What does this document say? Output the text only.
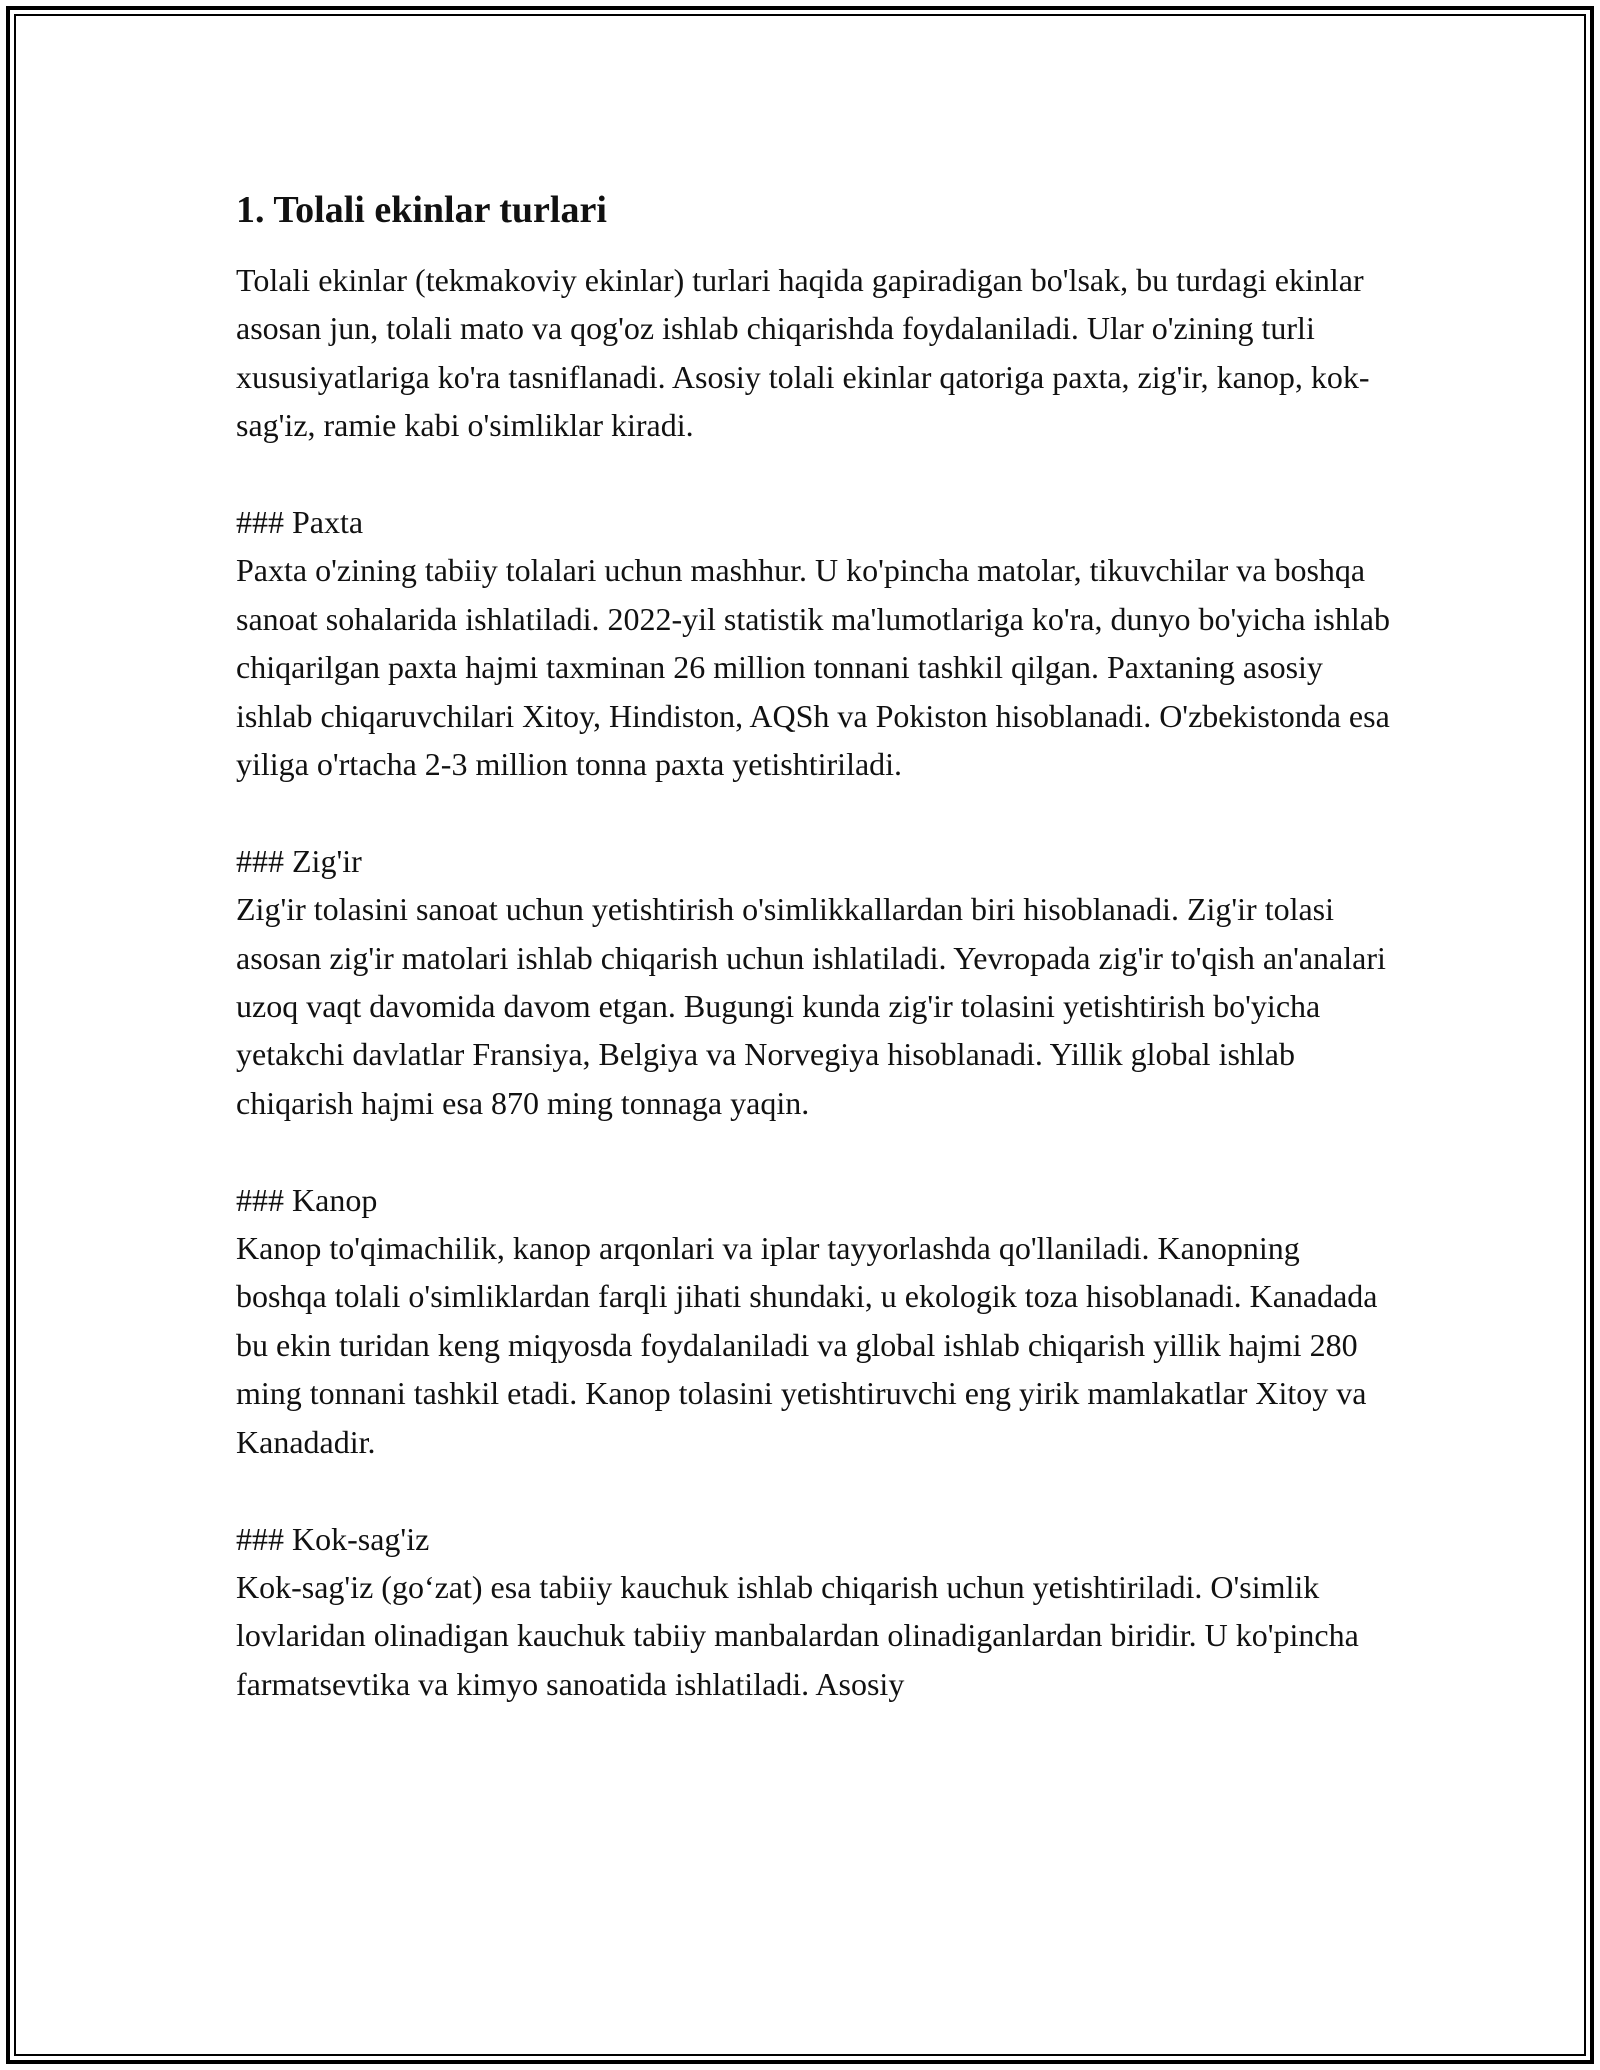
1. Tolali ekinlar turlari

Tolali ekinlar (tekmakoviy ekinlar) turlari haqida gapiradigan bo'lsak, bu turdagi ekinlar asosan jun, tolali mato va qog'oz ishlab chiqarishda foydalaniladi. Ular o'zining turli xususiyatlariga ko'ra tasniflanadi. Asosiy tolali ekinlar qatoriga paxta, zig'ir, kanop, kok-sag'iz, ramie kabi o'simliklar kiradi.

### Paxta

Paxta o'zining tabiiy tolalari uchun mashhur. U ko'pincha matolar, tikuvchilar va boshqa sanoat sohalarida ishlatiladi. 2022-yil statistik ma'lumotlariga ko'ra, dunyo bo'yicha ishlab chiqarilgan paxta hajmi taxminan 26 million tonnani tashkil qilgan. Paxtaning asosiy ishlab chiqaruvchilari Xitoy, Hindiston, AQSh va Pokiston hisoblanadi. O'zbekistonda esa yiliga o'rtacha 2-3 million tonna paxta yetishtiriladi.

### Zig'ir

Zig'ir tolasini sanoat uchun yetishtirish o'simlikkallardan biri hisoblanadi. Zig'ir tolasi asosan zig'ir matolari ishlab chiqarish uchun ishlatiladi. Yevropada zig'ir to'qish an'analari uzoq vaqt davomida davom etgan. Bugungi kunda zig'ir tolasini yetishtirish bo'yicha yetakchi davlatlar Fransiya, Belgiya va Norvegiya hisoblanadi. Yillik global ishlab chiqarish hajmi esa 870 ming tonnaga yaqin.

### Kanop

Kanop to'qimachilik, kanop arqonlari va iplar tayyorlashda qo'llaniladi. Kanopning boshqa tolali o'simliklardan farqli jihati shundaki, u ekologik toza hisoblanadi. Kanadada bu ekin turidan keng miqyosda foydalaniladi va global ishlab chiqarish yillik hajmi 280 ming tonnani tashkil etadi. Kanop tolasini yetishtiruvchi eng yirik mamlakatlar Xitoy va Kanadadir.

### Kok-sag'iz

Kok-sag'iz (go‘zat) esa tabiiy kauchuk ishlab chiqarish uchun yetishtiriladi. O'simlik lovlaridan olinadigan kauchuk tabiiy manbalardan olinadiganlardan biridir. U ko'pincha farmatsevtika va kimyo sanoatida ishlatiladi. Asosiy
